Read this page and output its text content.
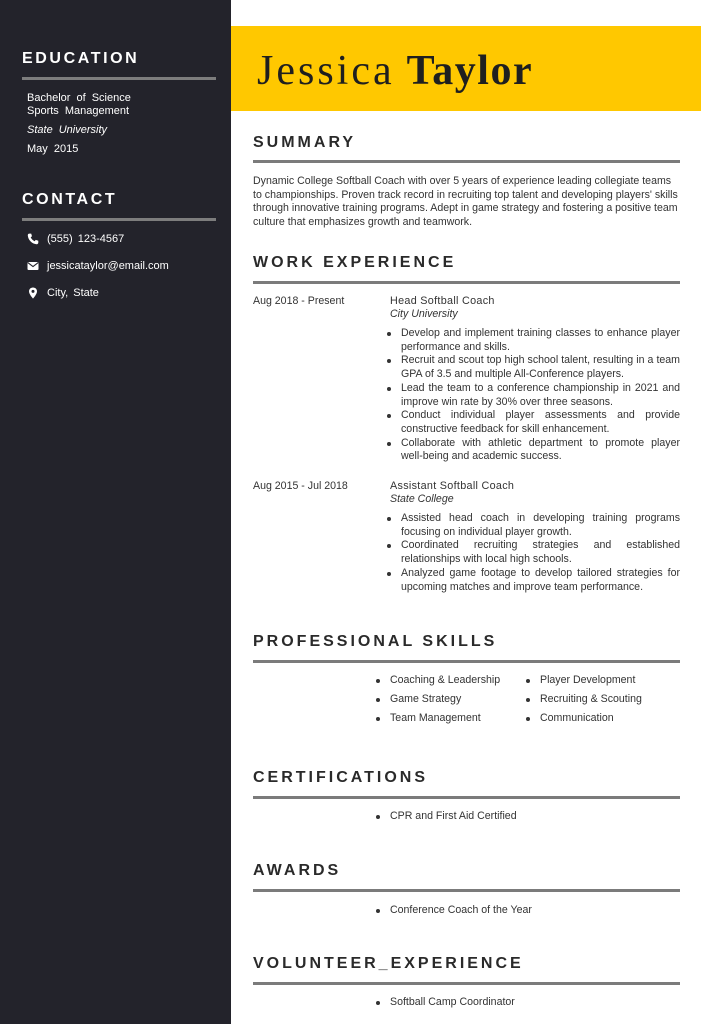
EDUCATION
Bachelor of Science
Sports Management
State University
May 2015
CONTACT
(555) 123-4567
jessicataylor@email.com
City, State
Jessica Taylor
SUMMARY

Dynamic College Softball Coach with over 5 years of experience leading collegiate teams to championships. Proven track record in recruiting top talent and developing players' skills through innovative training programs. Adept in game strategy and fostering a positive team culture that emphasizes growth and teamwork.

WORK EXPERIENCE
Aug 2018 - Present	Head Softball Coach
City University
Develop and implement training classes to enhance player performance and skills.
Recruit and scout top high school talent, resulting in a team GPA of 3.5 and multiple All-Conference players.
Lead the team to a conference championship in 2021 and improve win rate by 30% over three seasons.
Conduct individual player assessments and provide constructive feedback for skill enhancement.
Collaborate with athletic department to promote player well-being and academic success.
Aug 2015 - Jul 2018	Assistant Softball Coach
State College
Assisted head coach in developing training programs focusing on individual player growth.
Coordinated recruiting strategies and established relationships with local high schools.
Analyzed game footage to develop tailored strategies for upcoming matches and improve team performance.
PROFESSIONAL SKILLS
Coaching & Leadership	Player Development
Game Strategy	Recruiting & Scouting
Team Management	Communication
CERTIFICATIONS
CPR and First Aid Certified
AWARDS
Conference Coach of the Year
VOLUNTEER_EXPERIENCE
Softball Camp Coordinator
